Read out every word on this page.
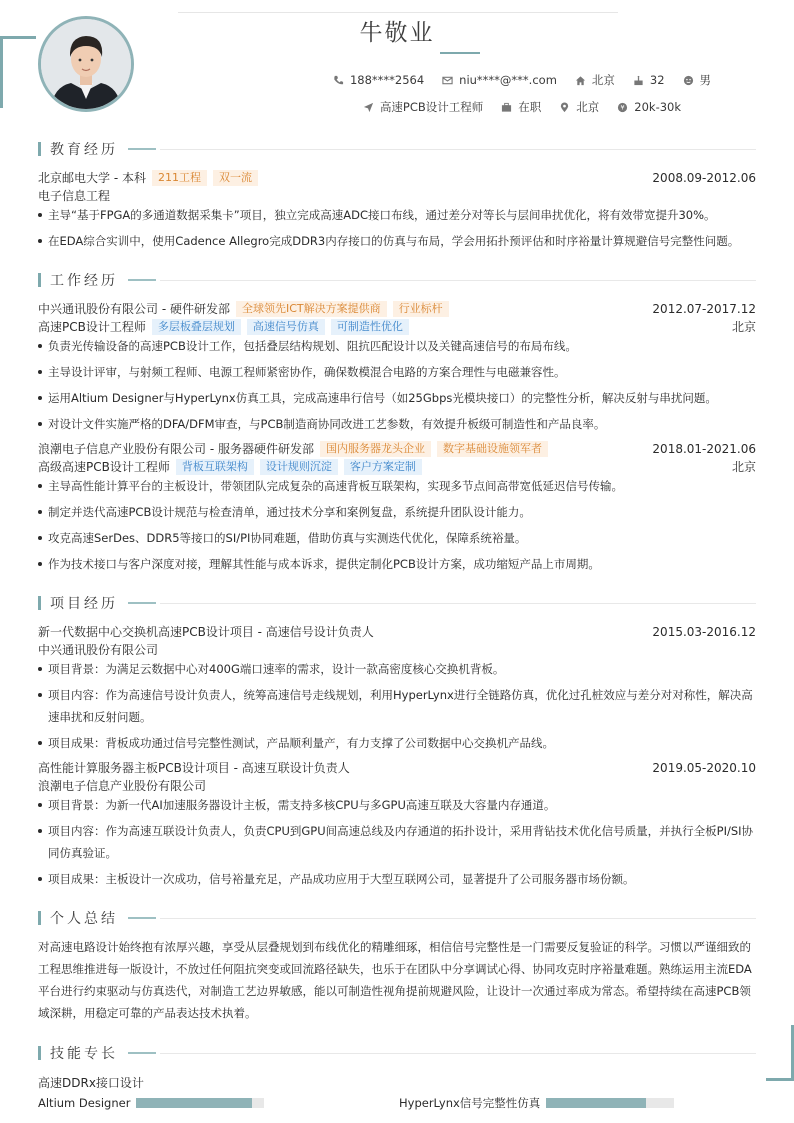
牛敬业
188****2564	niu****@***.com	北京	32	男
高速PCB设计工程师	在职	北京	¥ 20k-30k
教育经历
北京邮电大学 - 本科	211工程	双一流	2008.09-2012.06
电子信息工程
主导“基于FPGA的多通道数据采集卡”项目，独立完成高速ADC接口布线，通过差分对等长与层间串扰优化，将有效带宽提升30%。
在EDA综合实训中，使用Cadence Allegro完成DDR3内存接口的仿真与布局，学会用拓扑预评估和时序裕量计算规避信号完整性问题。
工作经历
中兴通讯股份有限公司 - 硬件研发部	全球领先ICT解决方案提供商	行业标杆	2012.07-2017.12
高速PCB设计工程师	多层板叠层规划	高速信号仿真	可制造性优化	北京
负责光传输设备的高速PCB设计工作，包括叠层结构规划、阻抗匹配设计以及关键高速信号的布局布线。
主导设计评审，与射频工程师、电源工程师紧密协作，确保数模混合电路的方案合理性与电磁兼容性。
运用Altium Designer与HyperLynx仿真工具，完成高速串行信号（如25Gbps光模块接口）的完整性分析，解决反射与串扰问题。
对设计文件实施严格的DFA/DFM审查，与PCB制造商协同改进工艺参数，有效提升板级可制造性和产品良率。
浪潮电子信息产业股份有限公司 - 服务器硬件研发部	国内服务器龙头企业	数字基础设施领军者	2018.01-2021.06
高级高速PCB设计工程师	背板互联架构	设计规则沉淀	客户方案定制	北京
主导高性能计算平台的主板设计，带领团队完成复杂的高速背板互联架构，实现多节点间高带宽低延迟信号传输。
制定并迭代高速PCB设计规范与检查清单，通过技术分享和案例复盘，系统提升团队设计能力。
攻克高速SerDes、DDR5等接口的SI/PI协同难题，借助仿真与实测迭代优化，保障系统裕量。
作为技术接口与客户深度对接，理解其性能与成本诉求，提供定制化PCB设计方案，成功缩短产品上市周期。
项目经历
新一代数据中心交换机高速PCB设计项目 - 高速信号设计负责人	2015.03-2016.12
中兴通讯股份有限公司
项目背景：为满足云数据中心对400G端口速率的需求，设计一款高密度核心交换机背板。
项目内容：作为高速信号设计负责人，统筹高速信号走线规划，利用HyperLynx进行全链路仿真，优化过孔桩效应与差分对对称性，解决高速串扰和反射问题。
项目成果：背板成功通过信号完整性测试，产品顺利量产，有力支撑了公司数据中心交换机产品线。
高性能计算服务器主板PCB设计项目 - 高速互联设计负责人	2019.05-2020.10
浪潮电子信息产业股份有限公司
项目背景：为新一代AI加速服务器设计主板，需支持多核CPU与多GPU高速互联及大容量内存通道。
项目内容：作为高速互联设计负责人，负责CPU到GPU间高速总线及内存通道的拓扑设计，采用背钻技术优化信号质量，并执行全板PI/SI协同仿真验证。
项目成果：主板设计一次成功，信号裕量充足，产品成功应用于大型互联网公司，显著提升了公司服务器市场份额。
个人总结
对高速电路设计始终抱有浓厚兴趣，享受从层叠规划到布线优化的精雕细琢，相信信号完整性是一门需要反复验证的科学。习惯以严谨细致的工程思维推进每一版设计，不放过任何阻抗突变或回流路径缺失，也乐于在团队中分享调试心得、协同攻克时序裕量难题。熟练运用主流EDA平台进行约束驱动与仿真迭代，对制造工艺边界敏感，能以可制造性视角提前规避风险，让设计一次通过率成为常态。希望持续在高速PCB领域深耕，用稳定可靠的产品表达技术执着。
技能专长
高速DDRx接口设计
Altium Designer	HyperLynx信号完整性仿真
